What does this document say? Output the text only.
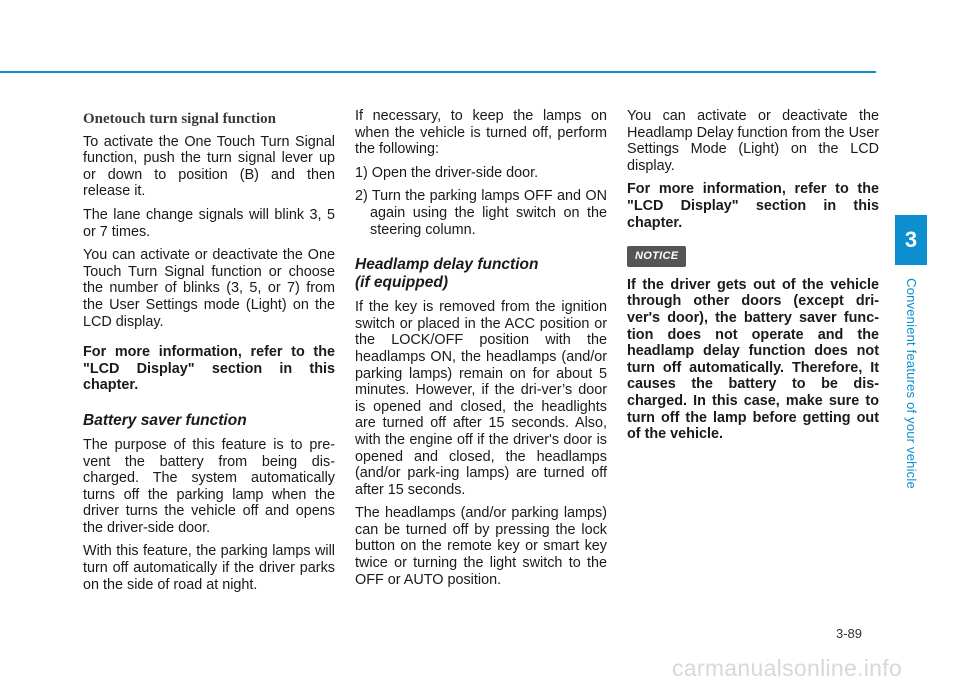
3
Convenient features of your vehicle
Onetouch turn signal function

To activate the One Touch Turn Signal function, push the turn signal lever up or down to position (B) and then release it.

The lane change signals will blink 3, 5 or 7 times.

You can activate or deactivate the One Touch Turn Signal function or choose the number of blinks (3, 5, or 7) from the User Settings mode (Light) on the LCD display.

For more information, refer to the "LCD Display" section in this chapter.

Battery saver function

The purpose of this feature is to pre-vent the battery from being dis-charged. The system automatically turns off the parking lamp when the driver turns the vehicle off and opens the driver-side door.

With this feature, the parking lamps will turn off automatically if the driver parks on the side of road at night.

If necessary, to keep the lamps on when the vehicle is turned off, perform the following:

1) Open the driver-side door.

2) Turn the parking lamps OFF and ON again using the light switch on the steering column.

Headlamp delay function
(if equipped)

If the key is removed from the ignition switch or placed in the ACC position or the LOCK/OFF position with the headlamps ON, the headlamps (and/or parking lamps) remain on for about 5 minutes. However, if the dri-ver’s door is opened and closed, the headlights are turned off after 15 seconds. Also, with the engine off if the driver's door is opened and closed, the headlamps (and/or park-ing lamps) are turned off after 15 seconds.

The headlamps (and/or parking lamps) can be turned off by pressing the lock button on the remote key or smart key twice or turning the light switch to the OFF or AUTO position.

You can activate or deactivate the Headlamp Delay function from the User Settings Mode (Light) on the LCD display.

For more information, refer to the "LCD Display" section in this chapter.

NOTICE

If the driver gets out of the vehicle through other doors (except dri-ver's door), the battery saver func-tion does not operate and the headlamp delay function does not turn off automatically. Therefore, It causes the battery to be dis-charged. In this case, make sure to turn off the lamp before getting out of the vehicle.

3-89
carmanualsonline.info
